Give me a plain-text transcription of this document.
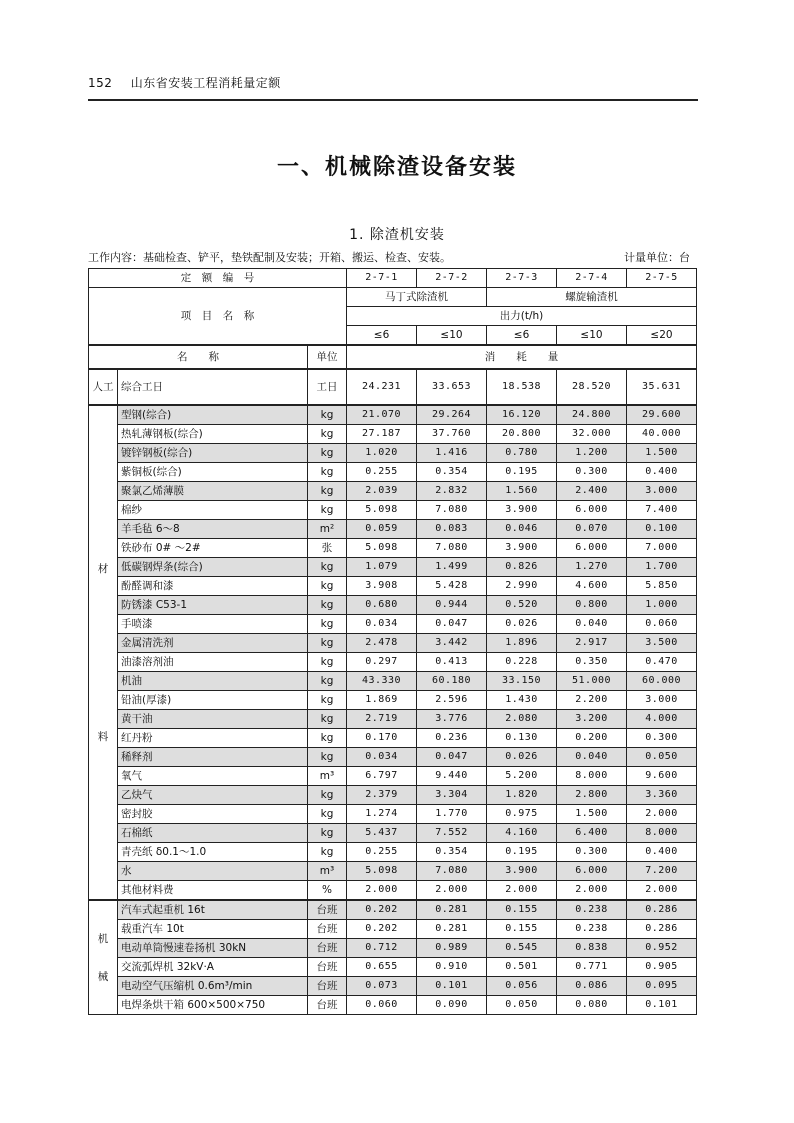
152 山东省安装工程消耗量定额
一、机械除渣设备安装
1. 除渣机安装
工作内容：基础检查、铲平，垫铁配制及安装；开箱、搬运、检查、安装。	计量单位：台
定　额　编　号			2-7-1	2-7-2	2-7-3	2-7-4	2-7-5
项　目　名　称			马丁式除渣机		螺旋输渣机		
			出力(t/h)				
			≤6	≤10	≤6	≤10	≤20
名　　称		单位	消　　耗　　量				
人工	综合工日	工日	24.231	33.653	18.538	28.520	35.631

材
料	型钢(综合)	kg	21.070	29.264	16.120	24.800	29.600
	热轧薄钢板(综合)	kg	27.187	37.760	20.800	32.000	40.000
	镀锌钢板(综合)	kg	1.020	1.416	0.780	1.200	1.500
	紫铜板(综合)	kg	0.255	0.354	0.195	0.300	0.400
	聚氯乙烯薄膜	kg	2.039	2.832	1.560	2.400	3.000
	棉纱	kg	5.098	7.080	3.900	6.000	7.400
	羊毛毡 6～8	m²	0.059	0.083	0.046	0.070	0.100
	铁砂布 0# ～2#	张	5.098	7.080	3.900	6.000	7.000
	低碳钢焊条(综合)	kg	1.079	1.499	0.826	1.270	1.700
	酚醛调和漆	kg	3.908	5.428	2.990	4.600	5.850
	防锈漆 C53-1	kg	0.680	0.944	0.520	0.800	1.000
	手喷漆	kg	0.034	0.047	0.026	0.040	0.060
	金属清洗剂	kg	2.478	3.442	1.896	2.917	3.500
	油漆溶剂油	kg	0.297	0.413	0.228	0.350	0.470
	机油	kg	43.330	60.180	33.150	51.000	60.000
	铅油(厚漆)	kg	1.869	2.596	1.430	2.200	3.000
	黄干油	kg	2.719	3.776	2.080	3.200	4.000
	红丹粉	kg	0.170	0.236	0.130	0.200	0.300
	稀释剂	kg	0.034	0.047	0.026	0.040	0.050
	氧气	m³	6.797	9.440	5.200	8.000	9.600
	乙炔气	kg	2.379	3.304	1.820	2.800	3.360
	密封胶	kg	1.274	1.770	0.975	1.500	2.000
	石棉纸	kg	5.437	7.552	4.160	6.400	8.000
	青壳纸 δ0.1～1.0	kg	0.255	0.354	0.195	0.300	0.400
	水	m³	5.098	7.080	3.900	6.000	7.200
	其他材料费	%	2.000	2.000	2.000	2.000	2.000

机
械	汽车式起重机 16t	台班	0.202	0.281	0.155	0.238	0.286
	载重汽车 10t	台班	0.202	0.281	0.155	0.238	0.286
	电动单筒慢速卷扬机 30kN	台班	0.712	0.989	0.545	0.838	0.952
	交流弧焊机 32kV·A	台班	0.655	0.910	0.501	0.771	0.905
	电动空气压缩机 0.6m³/min	台班	0.073	0.101	0.056	0.086	0.095
	电焊条烘干箱 600×500×750	台班	0.060	0.090	0.050	0.080	0.101
